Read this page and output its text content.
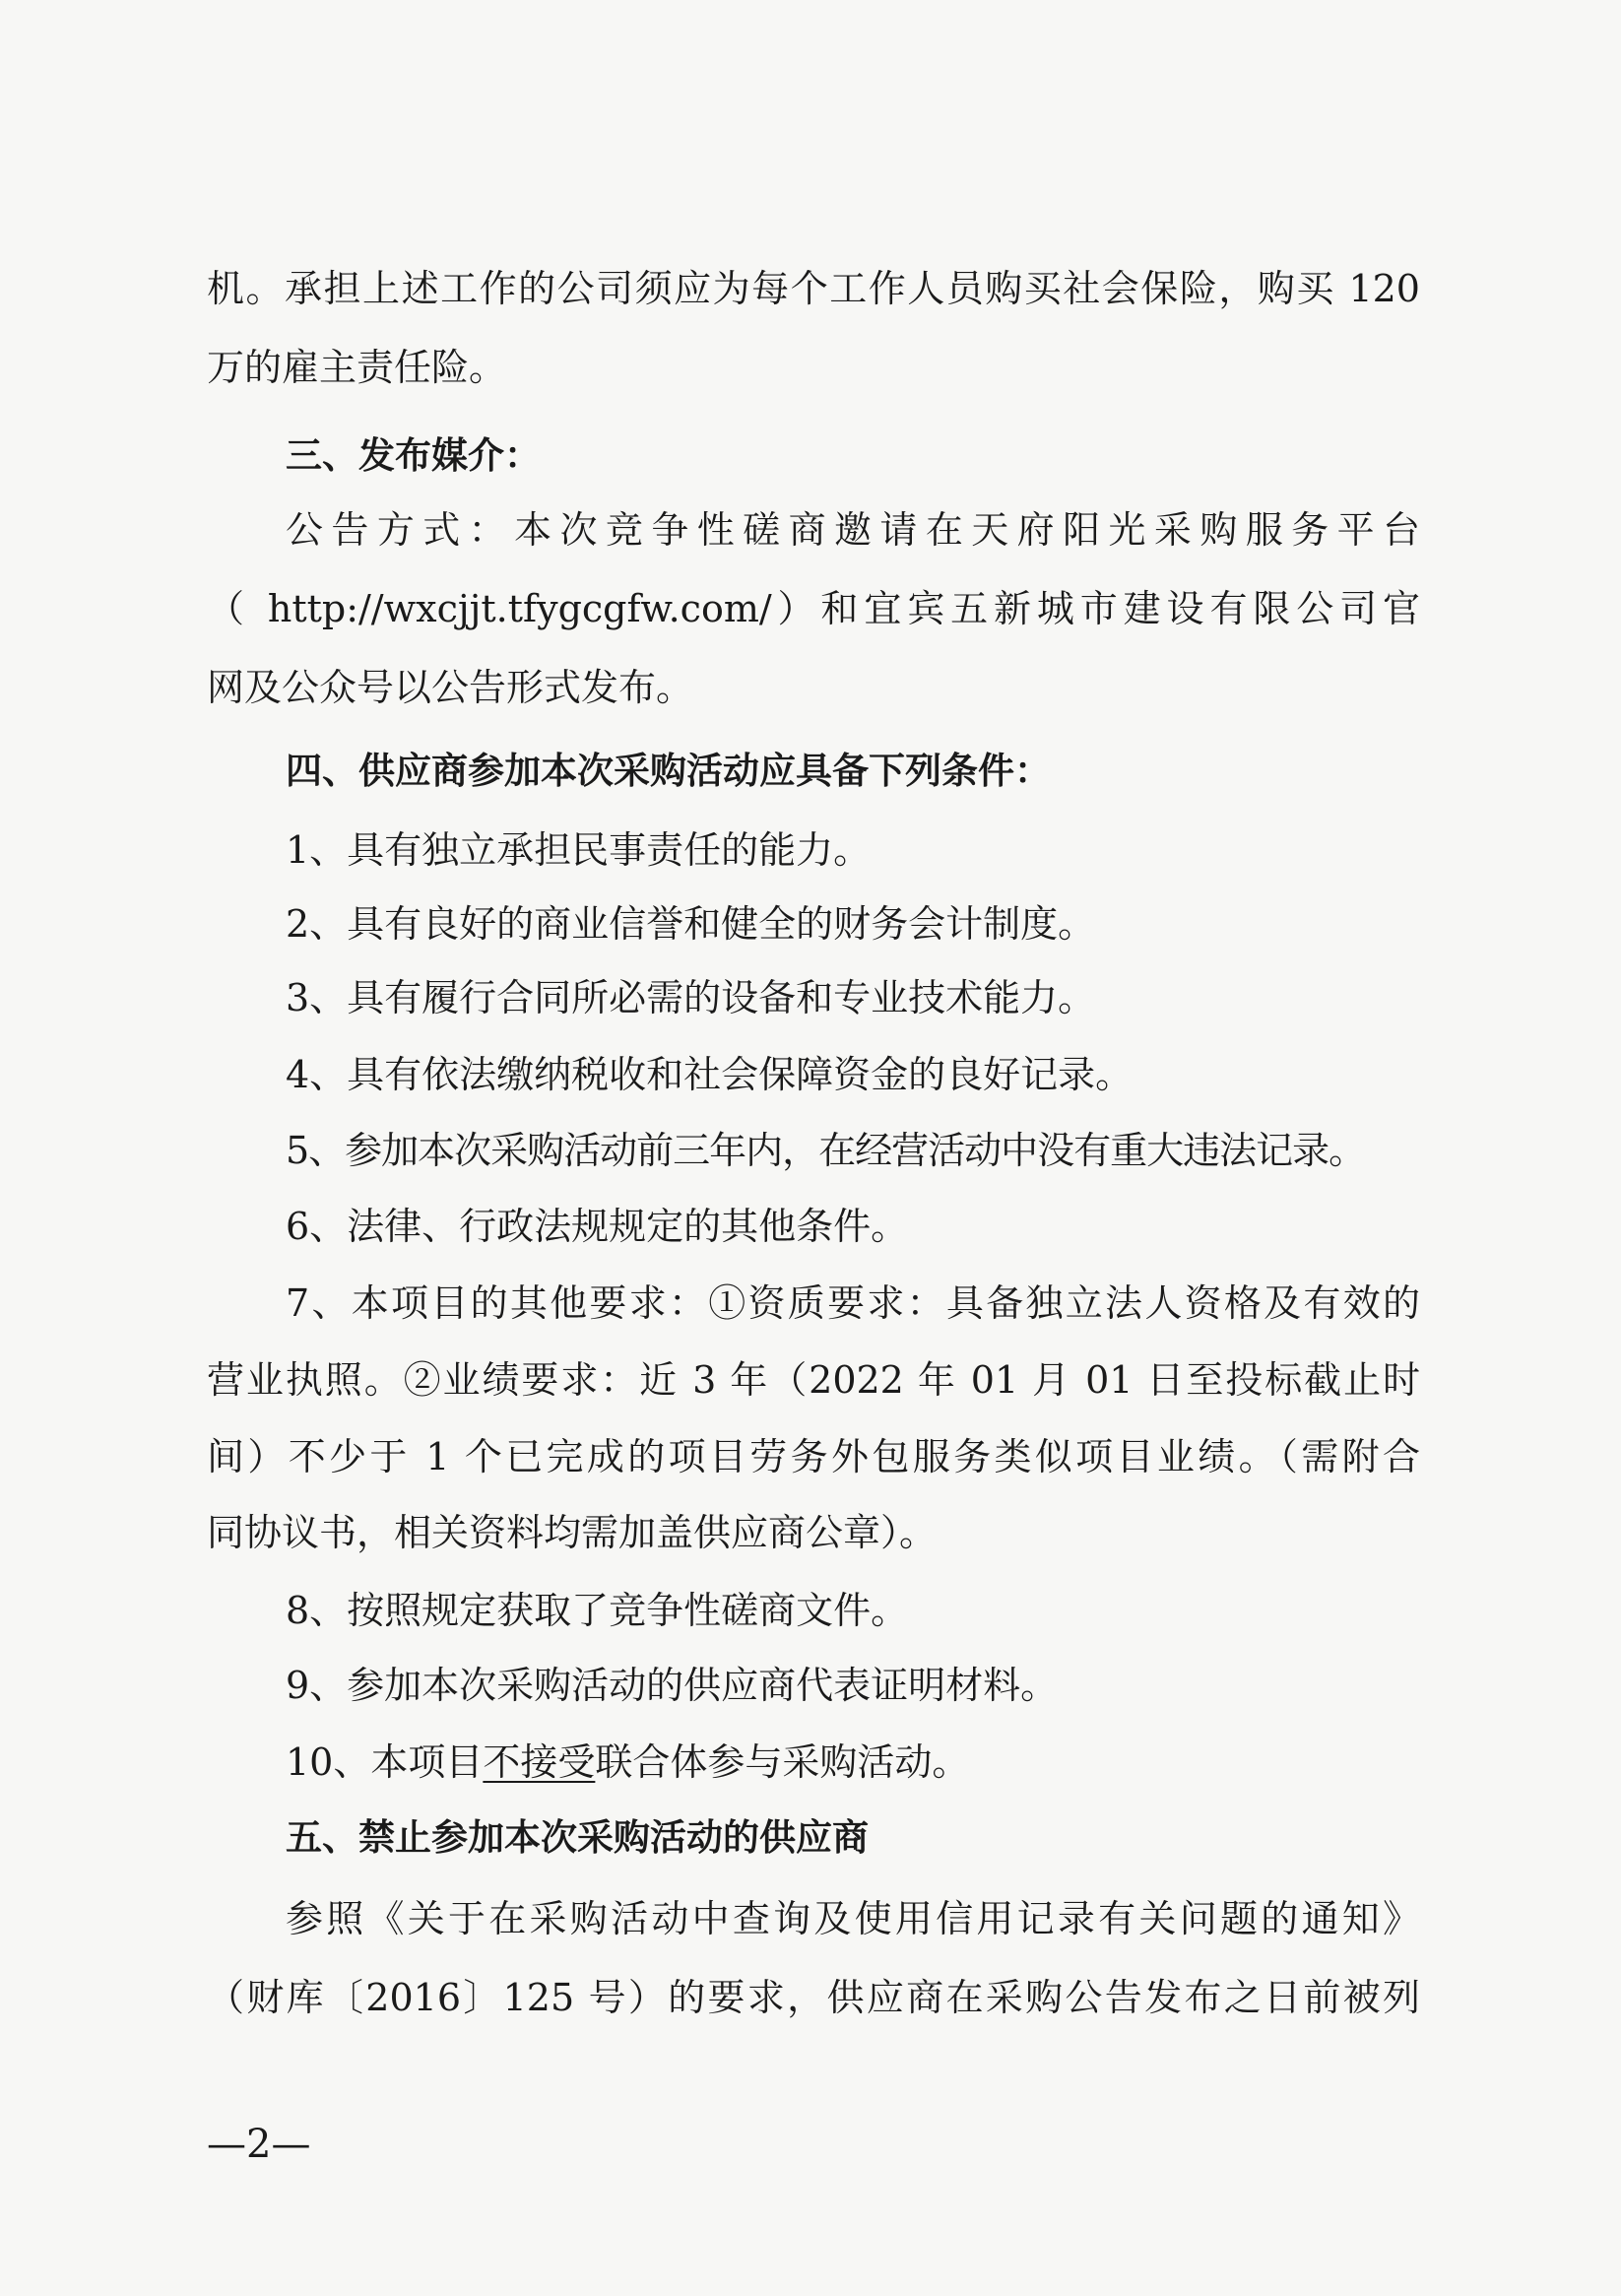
机。承担上述工作的公司须应为每个工作人员购买社会保险，购买 120
万的雇主责任险。
三、发布媒介：
公告方式：本次竞争性磋商邀请在天府阳光采购服务平台
（ http://wxcjjt.tfygcgfw.com/）和宜宾五新城市建设有限公司官
网及公众号以公告形式发布。
四、供应商参加本次采购活动应具备下列条件：
1、具有独立承担民事责任的能力。
2、具有良好的商业信誉和健全的财务会计制度。
3、具有履行合同所必需的设备和专业技术能力。
4、具有依法缴纳税收和社会保障资金的良好记录。
5、参加本次采购活动前三年内，在经营活动中没有重大违法记录。
6、法律、行政法规规定的其他条件。
7、本项目的其他要求：①资质要求：具备独立法人资格及有效的
营业执照。②业绩要求：近 3 年（2022 年 01 月 01 日至投标截止时
间）不少于 1 个已完成的项目劳务外包服务类似项目业绩。（需附合
同协议书，相关资料均需加盖供应商公章）。
8、按照规定获取了竞争性磋商文件。
9、参加本次采购活动的供应商代表证明材料。
10、本项目不接受联合体参与采购活动。
五、禁止参加本次采购活动的供应商
参照《关于在采购活动中查询及使用信用记录有关问题的通知》
（财库〔2016〕125 号）的要求，供应商在采购公告发布之日前被列
—2—
